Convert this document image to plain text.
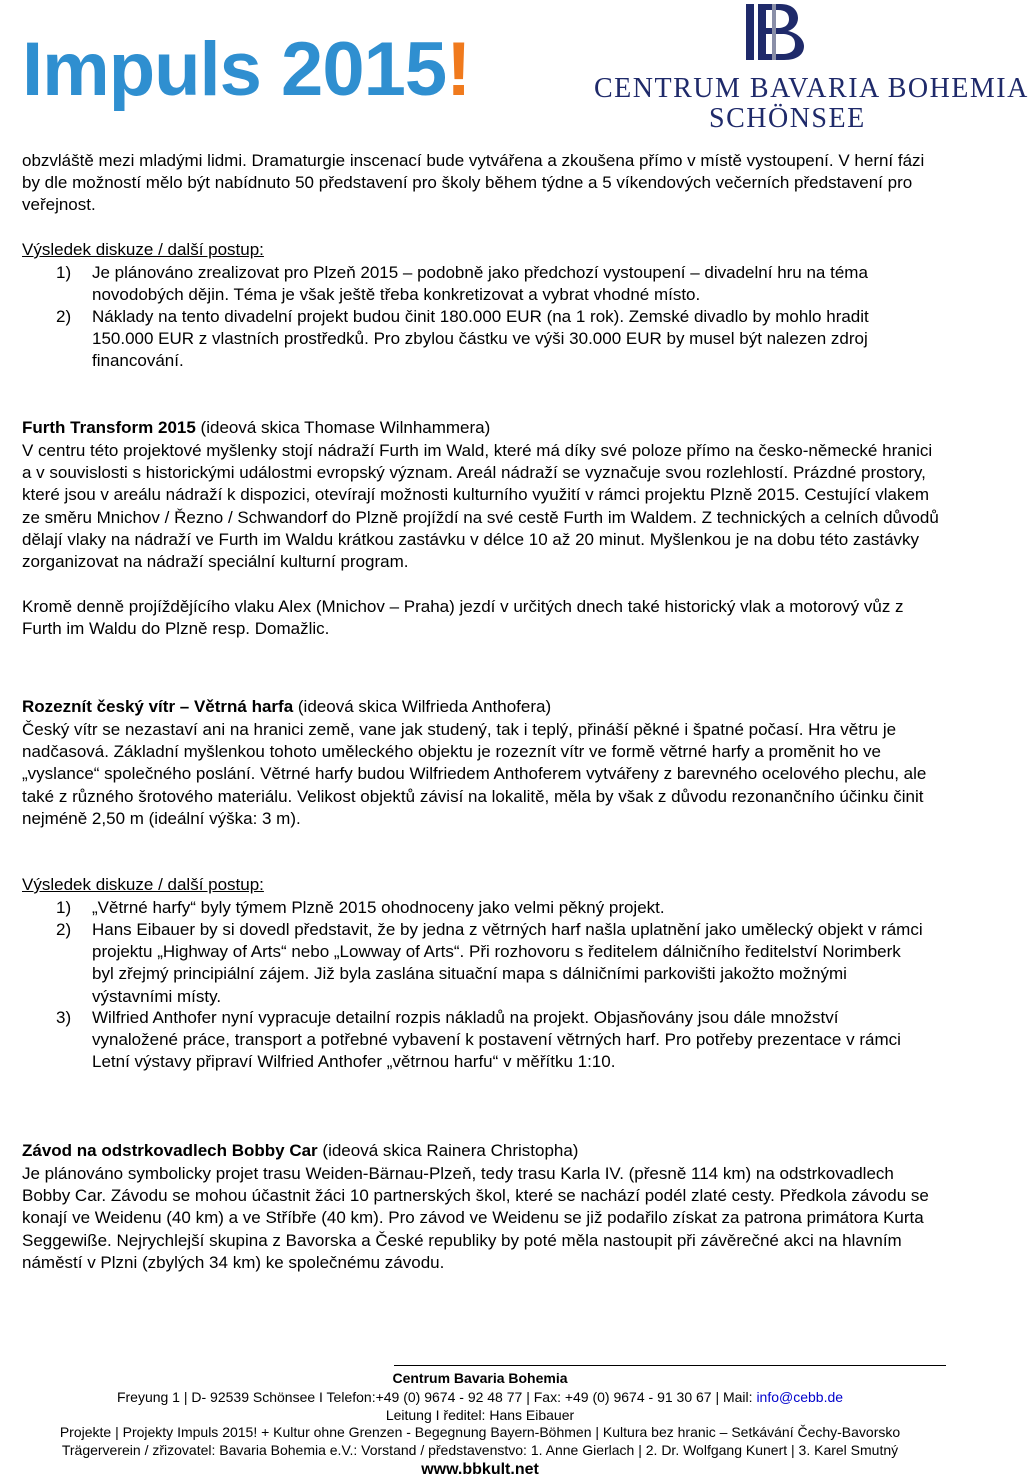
Impuls 2015!	CENTRUM BAVARIA BOHEMIA
SCHÖNSEE

obzvláště mezi mladými lidmi. Dramaturgie inscenací bude vytvářena a zkoušena přímo v místě vystoupení. V herní fázi by dle možností mělo být nabídnuto 50 představení pro školy během týdne a 5 víkendových večerních představení pro veřejnost.

Výsledek diskuze / další postup:
1)	Je plánováno zrealizovat pro Plzeň 2015 – podobně jako předchozí vystoupení – divadelní hru na téma novodobých dějin. Téma je však ještě třeba konkretizovat a vybrat vhodné místo.
2)	Náklady na tento divadelní projekt budou činit 180.000 EUR (na 1 rok). Zemské divadlo by mohlo hradit 150.000 EUR z vlastních prostředků. Pro zbylou částku ve výši 30.000 EUR by musel být nalezen zdroj financování.
Furth Transform 2015 (ideová skica Thomase Wilnhammera)

V centru této projektové myšlenky stojí nádraží Furth im Wald, které má díky své poloze přímo na česko-německé hranici a v souvislosti s historickými událostmi evropský význam. Areál nádraží se vyznačuje svou rozlehlostí. Prázdné prostory, které jsou v areálu nádraží k dispozici, otevírají možnosti kulturního využití v rámci projektu Plzně 2015. Cestující vlakem ze směru Mnichov / Řezno / Schwandorf do Plzně projíždí na své cestě Furth im Waldem. Z technických a celních důvodů dělají vlaky na nádraží ve Furth im Waldu krátkou zastávku v délce 10 až 20 minut. Myšlenkou je na dobu této zastávky zorganizovat na nádraží speciální kulturní program.

Kromě denně projíždějícího vlaku Alex (Mnichov – Praha) jezdí v určitých dnech také historický vlak a motorový vůz z Furth im Waldu do Plzně resp. Domažlic.

Rozeznít český vítr – Větrná harfa (ideová skica Wilfrieda Anthofera)

Český vítr se nezastaví ani na hranici země, vane jak studený, tak i teplý, přináší pěkné i špatné počasí. Hra větru je nadčasová. Základní myšlenkou tohoto uměleckého objektu je rozeznít vítr ve formě větrné harfy a proměnit ho ve „vyslance“ společného poslání. Větrné harfy budou Wilfriedem Anthoferem vytvářeny z barevného ocelového plechu, ale také z různého šrotového materiálu. Velikost objektů závisí na lokalitě, měla by však z důvodu rezonančního účinku činit nejméně 2,50 m (ideální výška: 3 m).

Výsledek diskuze / další postup:
1)	„Větrné harfy“ byly týmem Plzně 2015 ohodnoceny jako velmi pěkný projekt.
2)	Hans Eibauer by si dovedl představit, že by jedna z větrných harf našla uplatnění jako umělecký objekt v rámci projektu „Highway of Arts“ nebo „Lowway of Arts“. Při rozhovoru s ředitelem dálničního ředitelství Norimberk byl zřejmý principiální zájem. Již byla zaslána situační mapa s dálničními parkovišti jakožto možnými výstavními místy.
3)	Wilfried Anthofer nyní vypracuje detailní rozpis nákladů na projekt. Objasňovány jsou dále množství vynaložené práce, transport a potřebné vybavení k postavení větrných harf. Pro potřeby prezentace v rámci Letní výstavy připraví Wilfried Anthofer „větrnou harfu“ v měřítku 1:10.
Závod na odstrkovadlech Bobby Car (ideová skica Rainera Christopha)

Je plánováno symbolicky projet trasu Weiden-Bärnau-Plzeň, tedy trasu Karla IV. (přesně 114 km) na odstrkovadlech Bobby Car. Závodu se mohou účastnit žáci 10 partnerských škol, které se nachází podél zlaté cesty. Předkola závodu se konají ve Weidenu (40 km) a ve Stříbře (40 km). Pro závod ve Weidenu se již podařilo získat za patrona primátora Kurta Seggewiße. Nejrychlejší skupina z Bavorska a České republiky by poté měla nastoupit při závěrečné akci na hlavním náměstí v Plzni (zbylých 34 km) ke společnému závodu.

Centrum Bavaria Bohemia
Freyung 1 | D- 92539 Schönsee I Telefon:+49 (0) 9674 - 92 48 77 | Fax: +49 (0) 9674 - 91 30 67 | Mail: info@cebb.de
Leitung I ředitel: Hans Eibauer
Projekte | Projekty Impuls 2015! + Kultur ohne Grenzen - Begegnung Bayern-Böhmen | Kultura bez hranic – Setkávání Čechy-Bavorsko
Trägerverein / zřizovatel: Bavaria Bohemia e.V.: Vorstand / představenstvo: 1. Anne Gierlach | 2. Dr. Wolfgang Kunert | 3. Karel Smutný
www.bbkult.net
